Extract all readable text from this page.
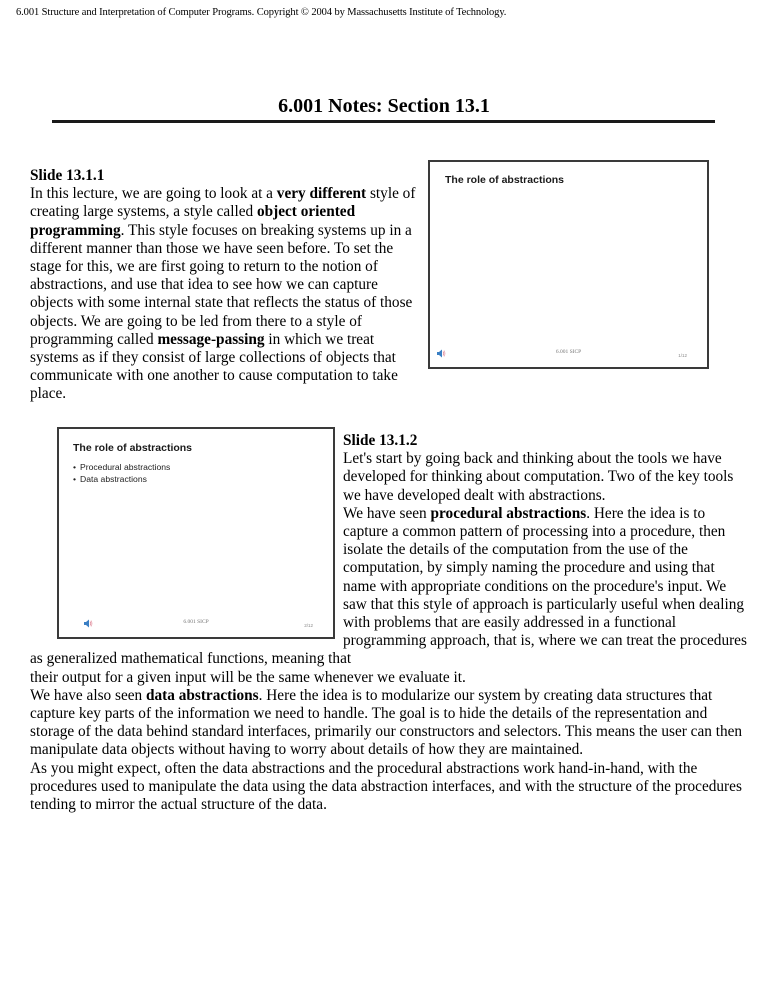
6.001 Structure and Interpretation of Computer Programs. Copyright © 2004 by Massachusetts Institute of Technology.
6.001 Notes: Section 13.1
Slide 13.1.1
In this lecture, we are going to look at a very different style of creating large systems, a style called object oriented programming. This style focuses on breaking systems up in a different manner than those we have seen before. To set the stage for this, we are first going to return to the notion of abstractions, and use that idea to see how we can capture objects with some internal state that reflects the status of those objects. We are going to be led from there to a style of programming called message-passing in which we treat systems as if they consist of large collections of objects that communicate with one another to cause computation to take place.
The role of abstractions
6.001 SICP
1/12
The role of abstractions
• Procedural abstractions
• Data abstractions
6.001 SICP
2/12

Slide 13.1.2
Let's start by going back and thinking about the tools we have developed for thinking about computation. Two of the key tools we have developed dealt with abstractions.

We have seen procedural abstractions. Here the idea is to capture a common pattern of processing into a procedure, then isolate the details of the computation from the use of the computation, by simply naming the procedure and using that name with appropriate conditions on the procedure's input. We saw that this style of approach is particularly useful when dealing with problems that are easily addressed in a functional programming approach, that is, where we can treat the procedures as generalized mathematical functions, meaning that

their output for a given input will be the same whenever we evaluate it.

We have also seen data abstractions. Here the idea is to modularize our system by creating data structures that capture key parts of the information we need to handle. The goal is to hide the details of the representation and storage of the data behind standard interfaces, primarily our constructors and selectors. This means the user can then manipulate data objects without having to worry about details of how they are maintained.

As you might expect, often the data abstractions and the procedural abstractions work hand-in-hand, with the procedures used to manipulate the data using the data abstraction interfaces, and with the structure of the procedures tending to mirror the actual structure of the data.
